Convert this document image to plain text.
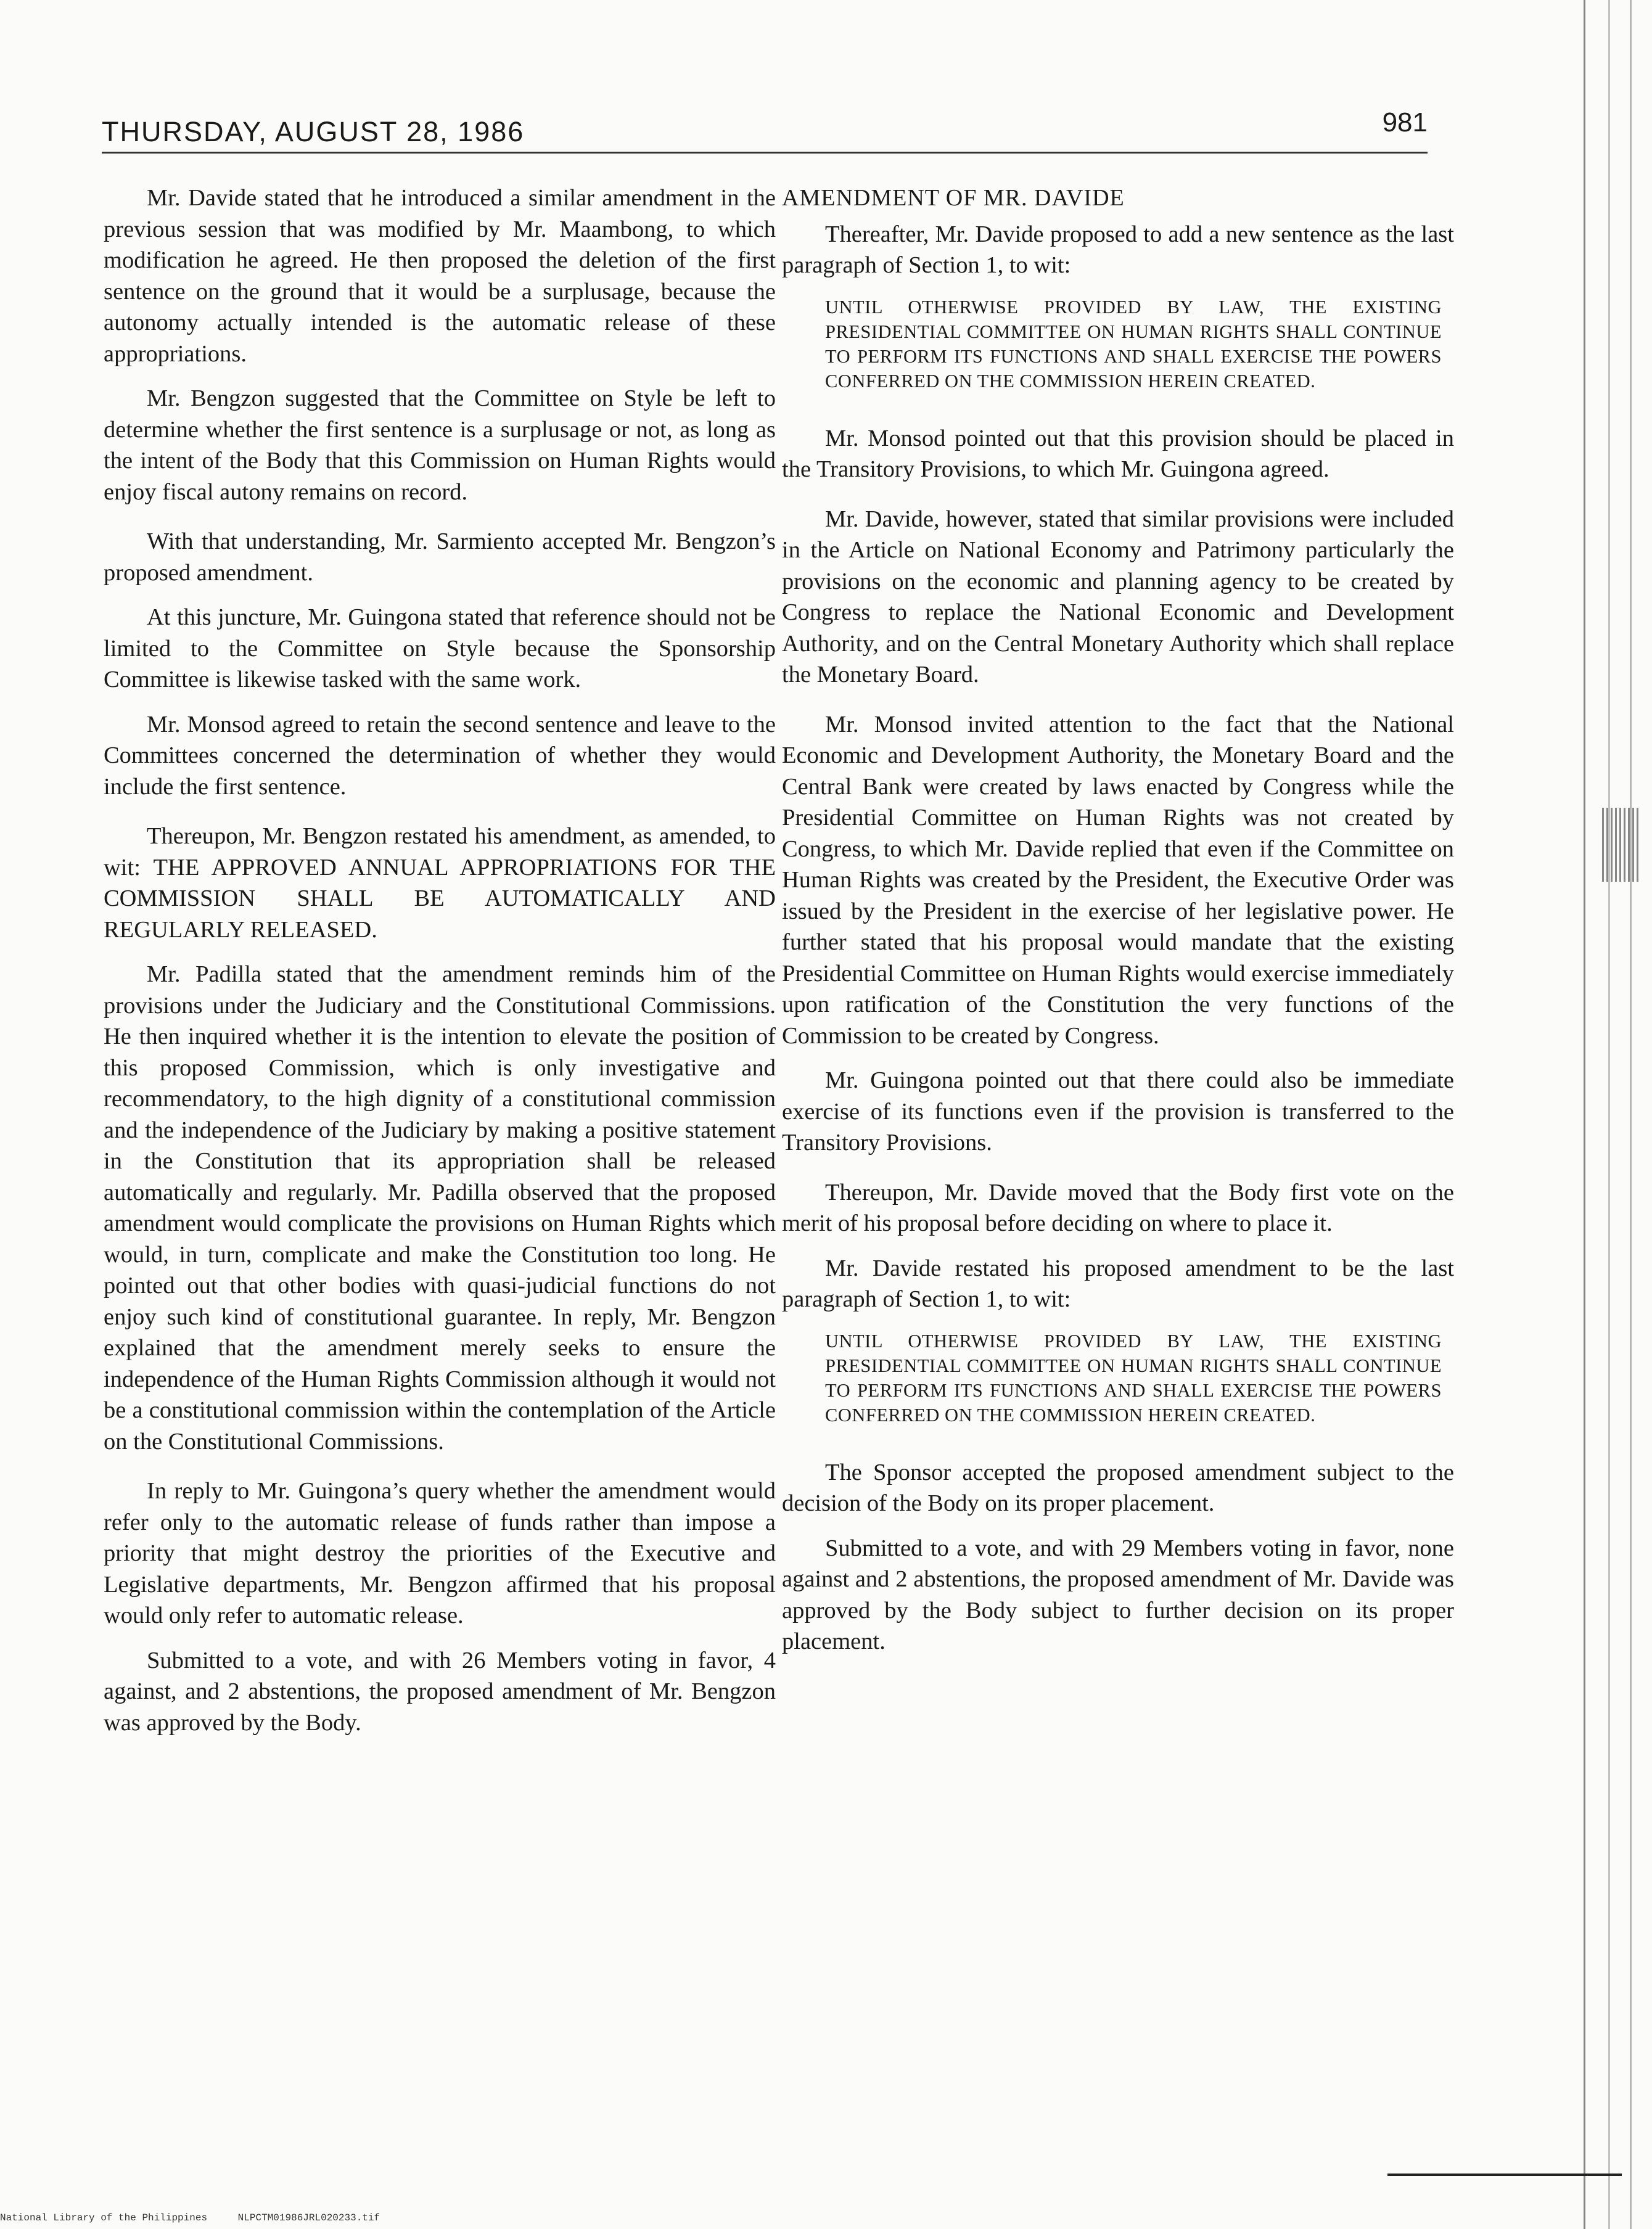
THURSDAY, AUGUST 28, 1986	981

Mr. Davide stated that he introduced a similar amendment in the previous session that was modified by Mr. Maambong, to which modification he agreed. He then proposed the deletion of the first sentence on the ground that it would be a surplusage, because the autonomy actually intended is the automatic release of these appropriations.

Mr. Bengzon suggested that the Committee on Style be left to determine whether the first sentence is a surplusage or not, as long as the intent of the Body that this Commission on Human Rights would enjoy fiscal autony remains on record.

With that understanding, Mr. Sarmiento accepted Mr. Bengzon’s proposed amendment.

At this juncture, Mr. Guingona stated that reference should not be limited to the Committee on Style because the Sponsorship Committee is likewise tasked with the same work.

Mr. Monsod agreed to retain the second sentence and leave to the Committees concerned the determination of whether they would include the first sentence.

Thereupon, Mr. Bengzon restated his amendment, as amended, to wit: THE APPROVED ANNUAL APPROPRIATIONS FOR THE COMMISSION SHALL BE AUTOMATICALLY AND REGULARLY RELEASED.

Mr. Padilla stated that the amendment reminds him of the provisions under the Judiciary and the Constitutional Commissions. He then inquired whether it is the intention to elevate the position of this proposed Commission, which is only investigative and recommendatory, to the high dignity of a constitutional commission and the independence of the Judiciary by making a positive statement in the Constitution that its appropriation shall be released automatically and regularly. Mr. Padilla observed that the proposed amendment would complicate the provisions on Human Rights which would, in turn, complicate and make the Constitution too long. He pointed out that other bodies with quasi-judicial functions do not enjoy such kind of constitutional guarantee. In reply, Mr. Bengzon explained that the amendment merely seeks to ensure the independence of the Human Rights Commission although it would not be a constitutional commission within the contemplation of the Article on the Constitutional Commissions.

In reply to Mr. Guingona’s query whether the amendment would refer only to the automatic release of funds rather than impose a priority that might destroy the priorities of the Executive and Legislative departments, Mr. Bengzon affirmed that his proposal would only refer to automatic release.

Submitted to a vote, and with 26 Members voting in favor, 4 against, and 2 abstentions, the proposed amendment of Mr. Bengzon was approved by the Body.

AMENDMENT OF MR. DAVIDE

Thereafter, Mr. Davide proposed to add a new sentence as the last paragraph of Section 1, to wit:

UNTIL OTHERWISE PROVIDED BY LAW, THE EXISTING PRESIDENTIAL COMMITTEE ON HUMAN RIGHTS SHALL CONTINUE TO PERFORM ITS FUNCTIONS AND SHALL EXERCISE THE POWERS CONFERRED ON THE COMMISSION HEREIN CREATED.

Mr. Monsod pointed out that this provision should be placed in the Transitory Provisions, to which Mr. Guingona agreed.

Mr. Davide, however, stated that similar provisions were included in the Article on National Economy and Patrimony particularly the provisions on the economic and planning agency to be created by Congress to replace the National Economic and Development Authority, and on the Central Monetary Authority which shall replace the Monetary Board.

Mr. Monsod invited attention to the fact that the National Economic and Development Authority, the Monetary Board and the Central Bank were created by laws enacted by Congress while the Presidential Committee on Human Rights was not created by Congress, to which Mr. Davide replied that even if the Committee on Human Rights was created by the President, the Executive Order was issued by the President in the exercise of her legislative power. He further stated that his proposal would mandate that the existing Presidential Committee on Human Rights would exercise immediately upon ratification of the Constitution the very functions of the Commission to be created by Congress.

Mr. Guingona pointed out that there could also be immediate exercise of its functions even if the provision is transferred to the Transitory Provisions.

Thereupon, Mr. Davide moved that the Body first vote on the merit of his proposal before deciding on where to place it.

Mr. Davide restated his proposed amendment to be the last paragraph of Section 1, to wit:

UNTIL OTHERWISE PROVIDED BY LAW, THE EXISTING PRESIDENTIAL COMMITTEE ON HUMAN RIGHTS SHALL CONTINUE TO PERFORM ITS FUNCTIONS AND SHALL EXERCISE THE POWERS CONFERRED ON THE COMMISSION HEREIN CREATED.

The Sponsor accepted the proposed amendment subject to the decision of the Body on its proper placement.

Submitted to a vote, and with 29 Members voting in favor, none against and 2 abstentions, the proposed amendment of Mr. Davide was approved by the Body subject to further decision on its proper placement.

National Library of the Philippines	NLPCTM01986JRL020233.tif
